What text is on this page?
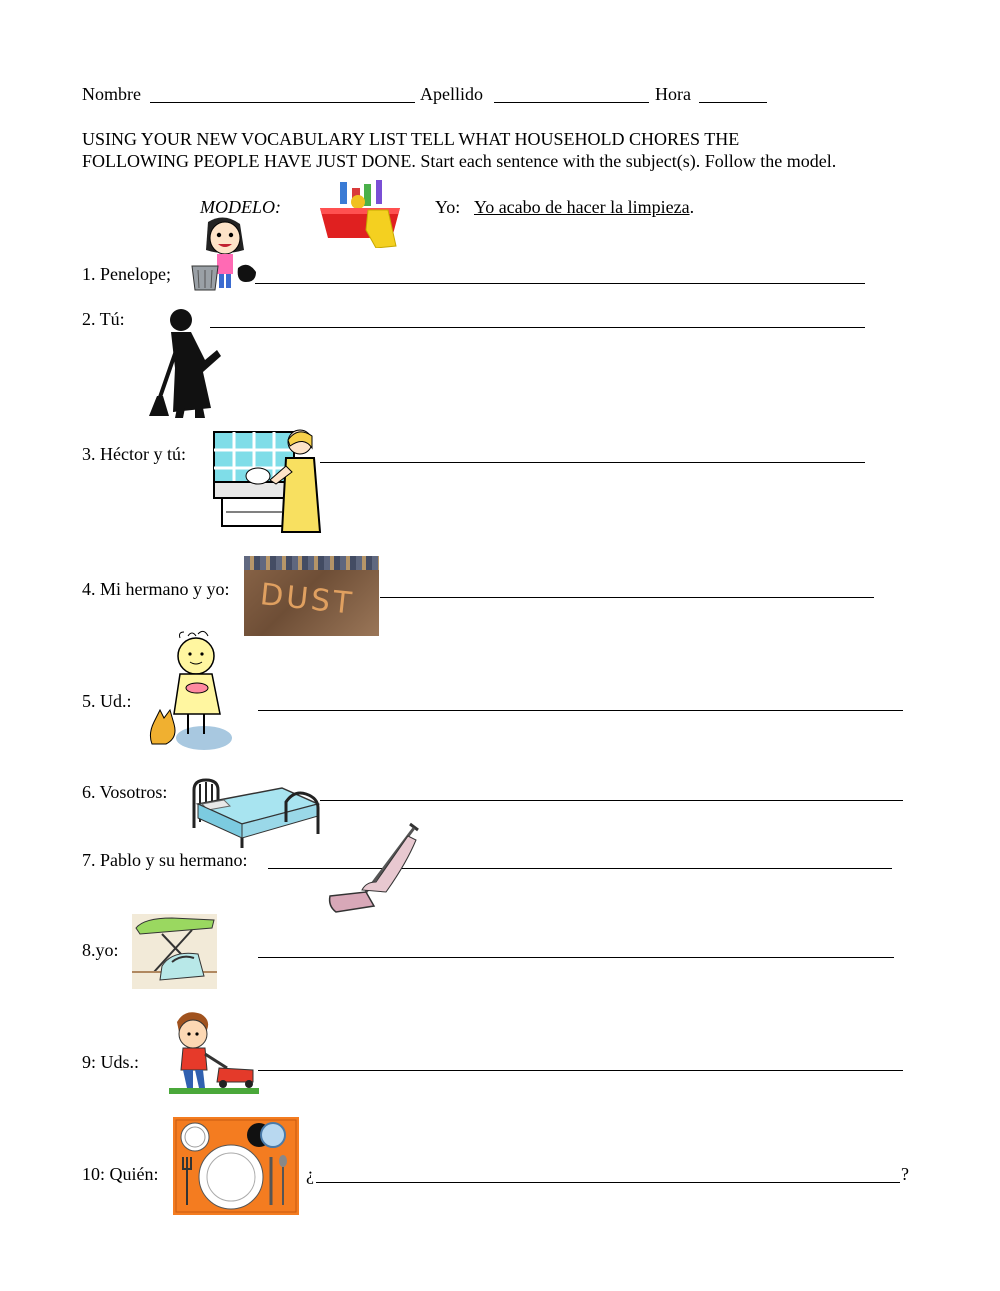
Nombre	Apellido	Hora
USING YOUR NEW VOCABULARY LIST TELL WHAT HOUSEHOLD CHORES THE
FOLLOWING PEOPLE HAVE JUST DONE. Start each sentence with the subject(s). Follow the model.
MODELO:	Yo: Yo acabo de hacer la limpieza.
1. Penelope;
2. Tú:
3. Héctor y tú:
4. Mi hermano y yo: DUST
5. Ud.:
6. Vosotros:
7. Pablo y su hermano:
8.yo:
9: Uds.:
10: Quién:	¿	?
